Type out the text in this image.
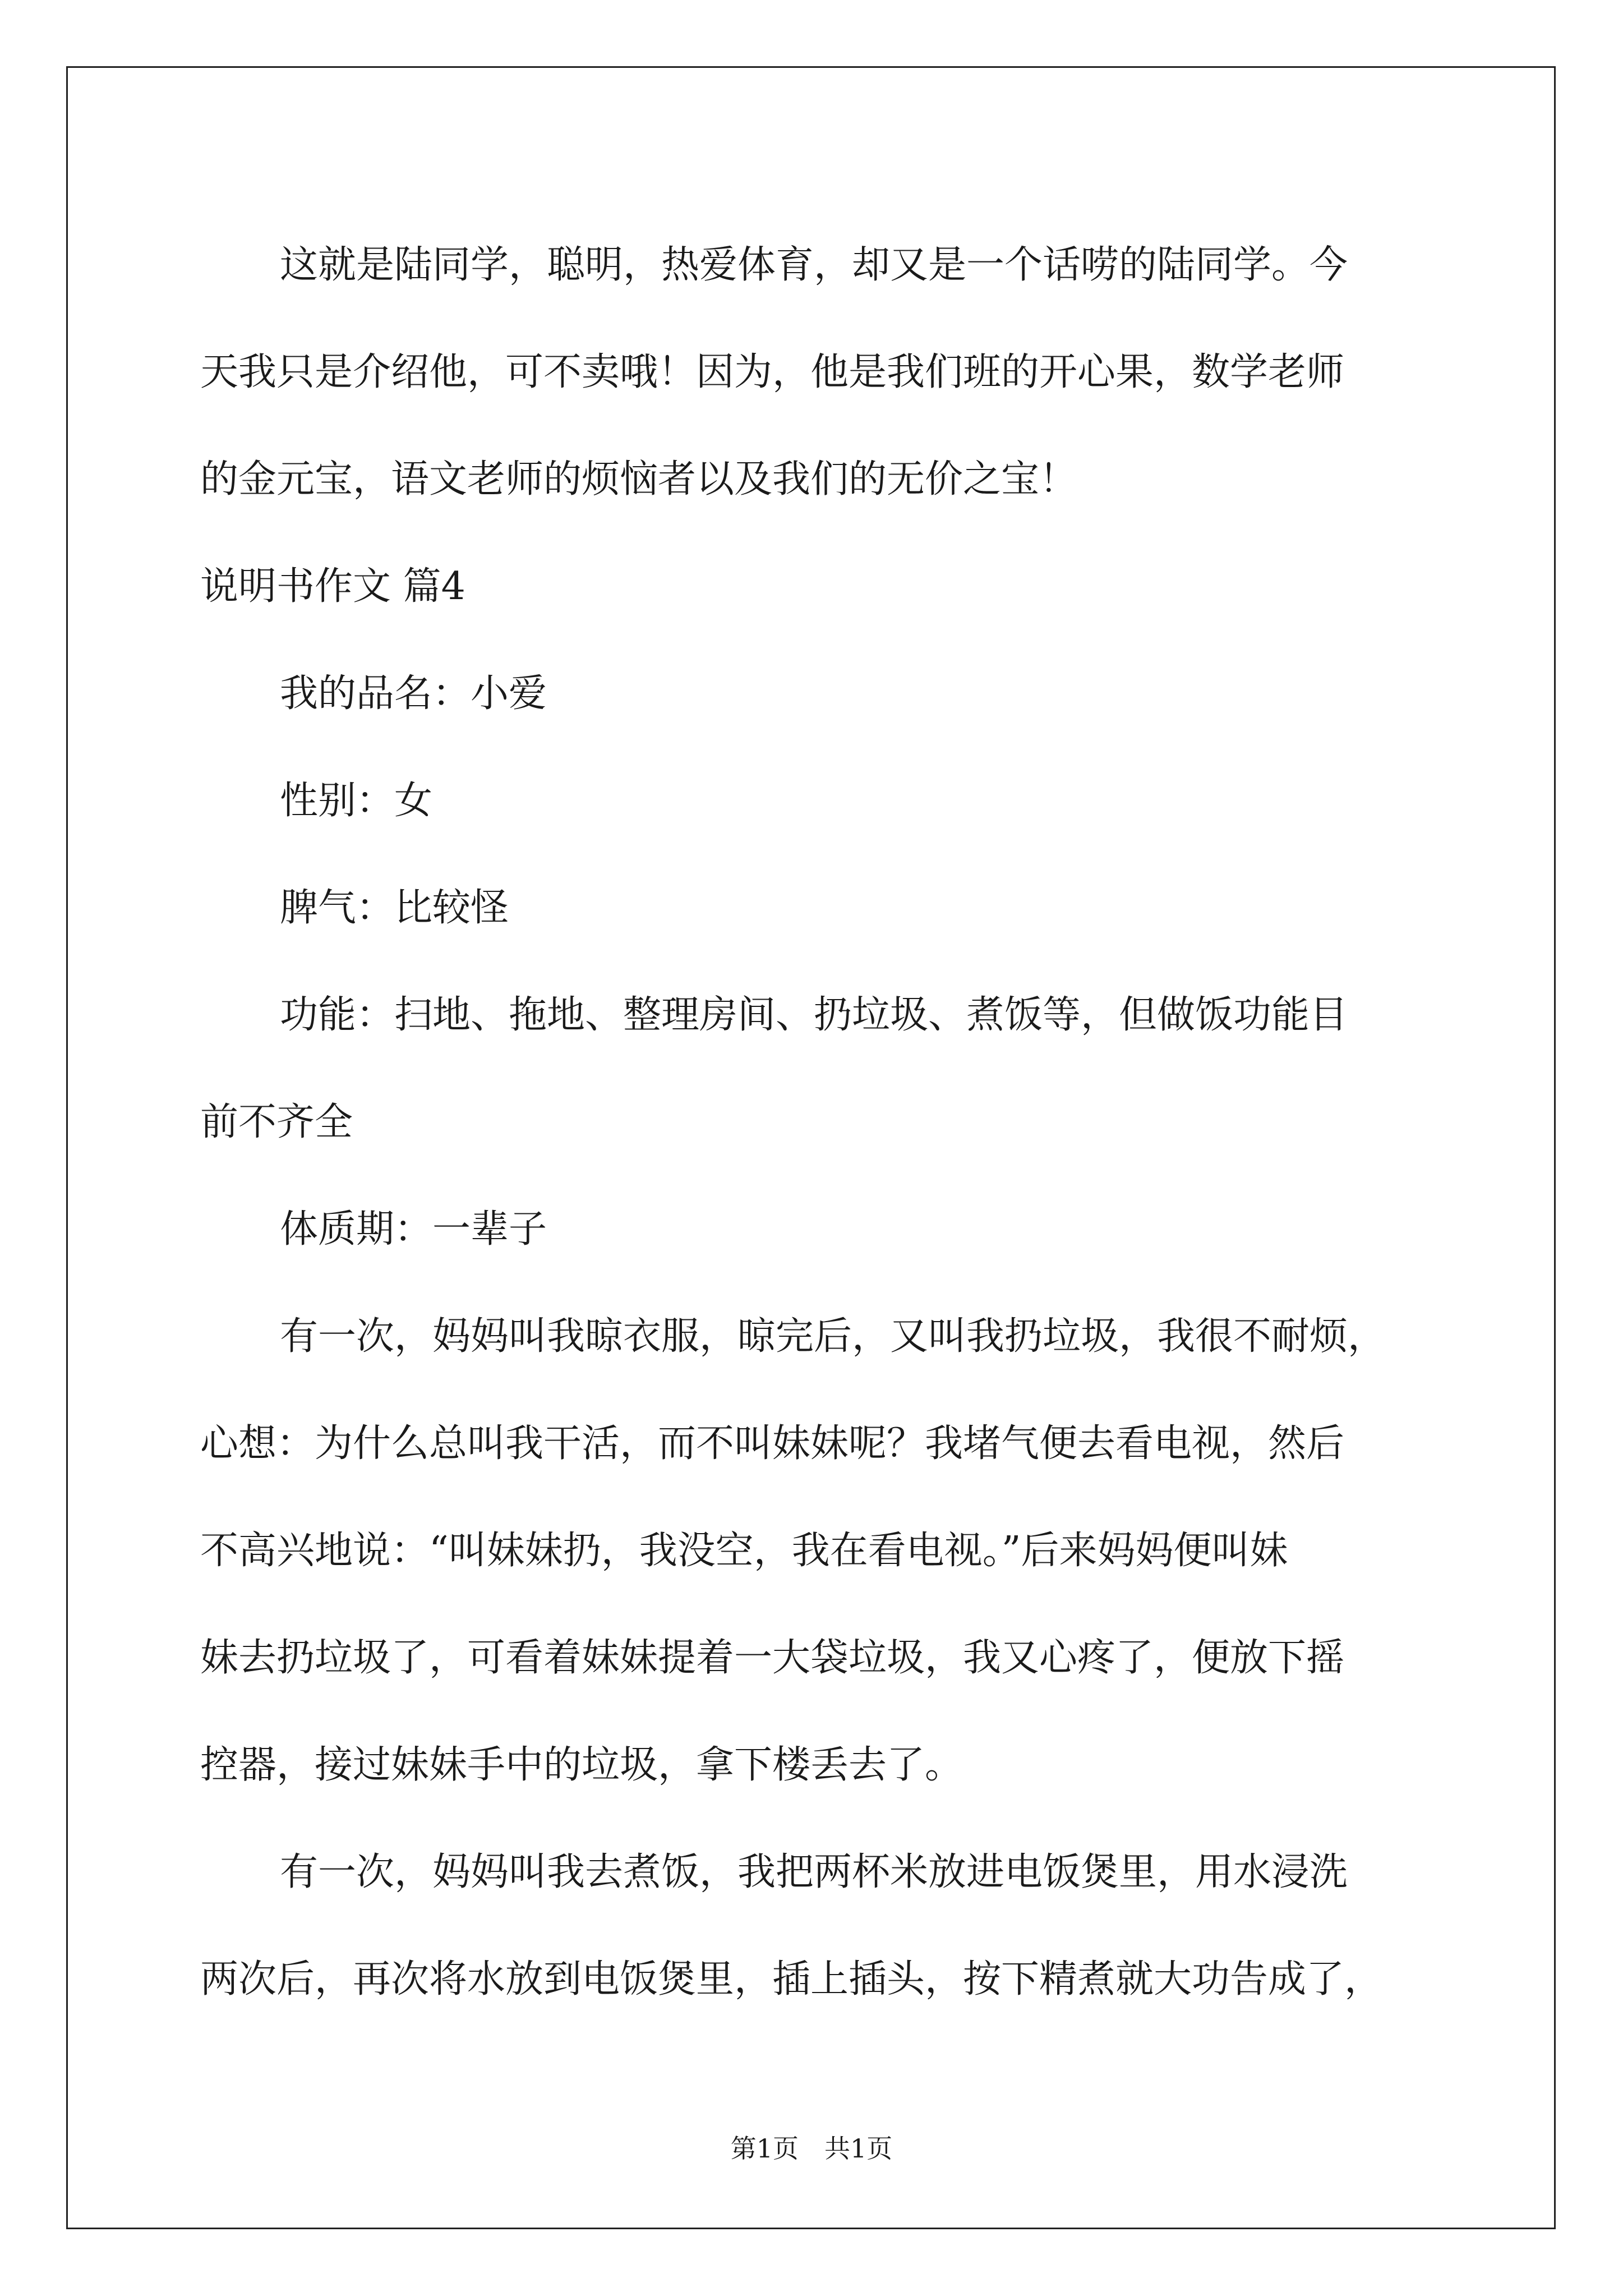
这就是陆同学，聪明，热爱体育，却又是一个话唠的陆同学。今
天我只是介绍他，可不卖哦！因为，他是我们班的开心果，数学老师
的金元宝，语文老师的烦恼者以及我们的无价之宝！
说明书作文 篇4
我的品名：小爱
性别：女
脾气：比较怪
功能：扫地、拖地、整理房间、扔垃圾、煮饭等，但做饭功能目
前不齐全
体质期：一辈子
有一次，妈妈叫我晾衣服，晾完后，又叫我扔垃圾，我很不耐烦，
心想：为什么总叫我干活，而不叫妹妹呢？我堵气便去看电视，然后
不高兴地说：“叫妹妹扔，我没空，我在看电视。”后来妈妈便叫妹
妹去扔垃圾了，可看着妹妹提着一大袋垃圾，我又心疼了，便放下摇
控器，接过妹妹手中的垃圾，拿下楼丢去了。
有一次，妈妈叫我去煮饭，我把两杯米放进电饭煲里，用水浸洗
两次后，再次将水放到电饭煲里，插上插头，按下精煮就大功告成了，
第1页 共1页
